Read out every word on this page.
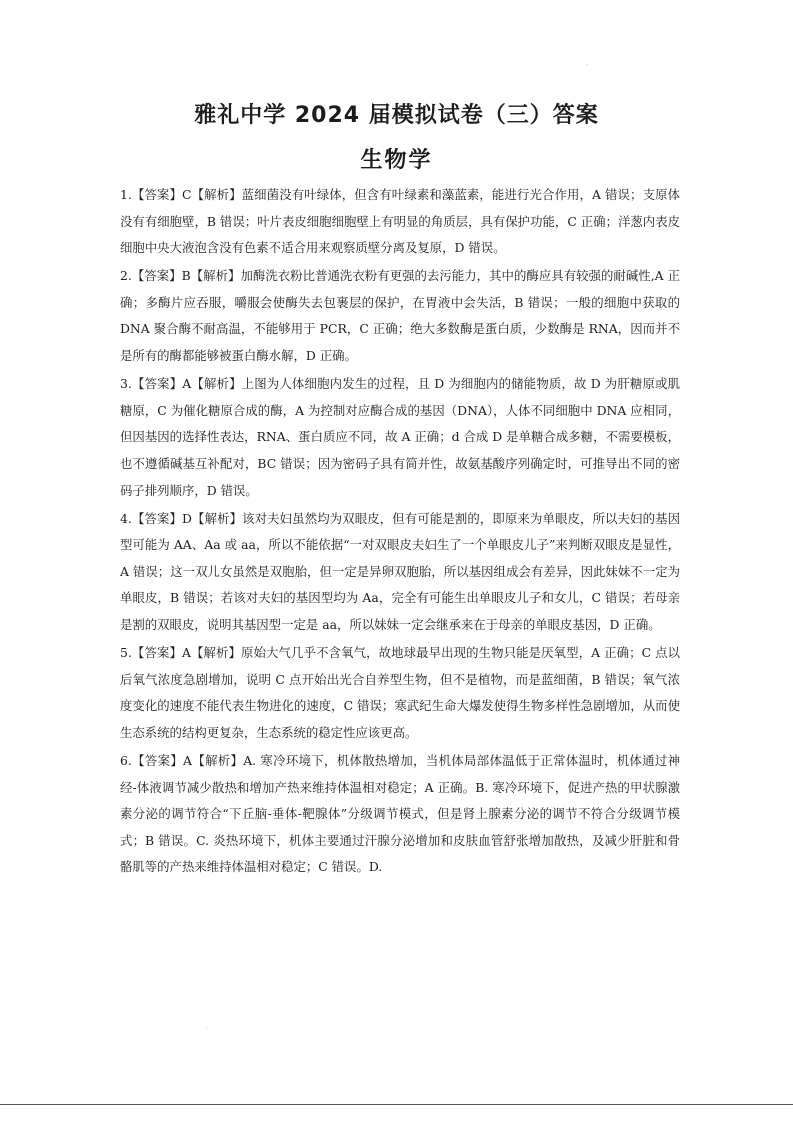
·
雅礼中学 2024 届模拟试卷（三）答案
生物学

1.【答案】C【解析】蓝细菌没有叶绿体，但含有叶绿素和藻蓝素，能进行光合作用，A 错误；支原体没有有细胞壁，B 错误；叶片表皮细胞细胞壁上有明显的角质层，具有保护功能，C 正确；洋葱内表皮细胞中央大液泡含没有色素不适合用来观察质壁分离及复原，D 错误。

2.【答案】B【解析】加酶洗衣粉比普通洗衣粉有更强的去污能力，其中的酶应具有较强的耐碱性,A 正确；多酶片应吞服，嚼服会使酶失去包裹层的保护，在胃液中会失活，B 错误；一般的细胞中获取的 DNA 聚合酶不耐高温，不能够用于 PCR，C 正确；绝大多数酶是蛋白质，少数酶是 RNA，因而并不是所有的酶都能够被蛋白酶水解，D 正确。

3.【答案】A【解析】上图为人体细胞内发生的过程，且 D 为细胞内的储能物质，故 D 为肝糖原或肌糖原，C 为催化糖原合成的酶，A 为控制对应酶合成的基因（DNA），人体不同细胞中 DNA 应相同，但因基因的选择性表达，RNA、蛋白质应不同，故 A 正确；d 合成 D 是单糖合成多糖，不需要模板，也不遵循碱基互补配对，BC 错误；因为密码子具有简并性，故氨基酸序列确定时，可推导出不同的密码子排列顺序，D 错误。

4.【答案】D【解析】该对夫妇虽然均为双眼皮，但有可能是割的，即原来为单眼皮，所以夫妇的基因型可能为 AA、Aa 或 aa，所以不能依据“一对双眼皮夫妇生了一个单眼皮儿子”来判断双眼皮是显性，A 错误；这一双儿女虽然是双胞胎，但一定是异卵双胞胎，所以基因组成会有差异，因此妹妹不一定为单眼皮，B 错误；若该对夫妇的基因型均为 Aa，完全有可能生出单眼皮儿子和女儿，C 错误；若母亲是割的双眼皮，说明其基因型一定是 aa，所以妹妹一定会继承来在于母亲的单眼皮基因，D 正确。

5.【答案】A【解析】原始大气几乎不含氧气，故地球最早出现的生物只能是厌氧型，A 正确；C 点以后氧气浓度急剧增加，说明 C 点开始出光合自养型生物，但不是植物，而是蓝细菌，B 错误；氧气浓度变化的速度不能代表生物进化的速度，C 错误；寒武纪生命大爆发使得生物多样性急剧增加，从而使生态系统的结构更复杂，生态系统的稳定性应该更高。

6.【答案】A【解析】A. 寒冷环境下，机体散热增加，当机体局部体温低于正常体温时，机体通过神经-体液调节减少散热和增加产热来维持体温相对稳定；A 正确。B. 寒冷环境下，促进产热的甲状腺激素分泌的调节符合“下丘脑-垂体-靶腺体”分级调节模式，但是肾上腺素分泌的调节不符合分级调节模式；B 错误。C. 炎热环境下，机体主要通过汗腺分泌增加和皮肤血管舒张增加散热，及减少肝脏和骨骼肌等的产热来维持体温相对稳定；C 错误。D.

·
